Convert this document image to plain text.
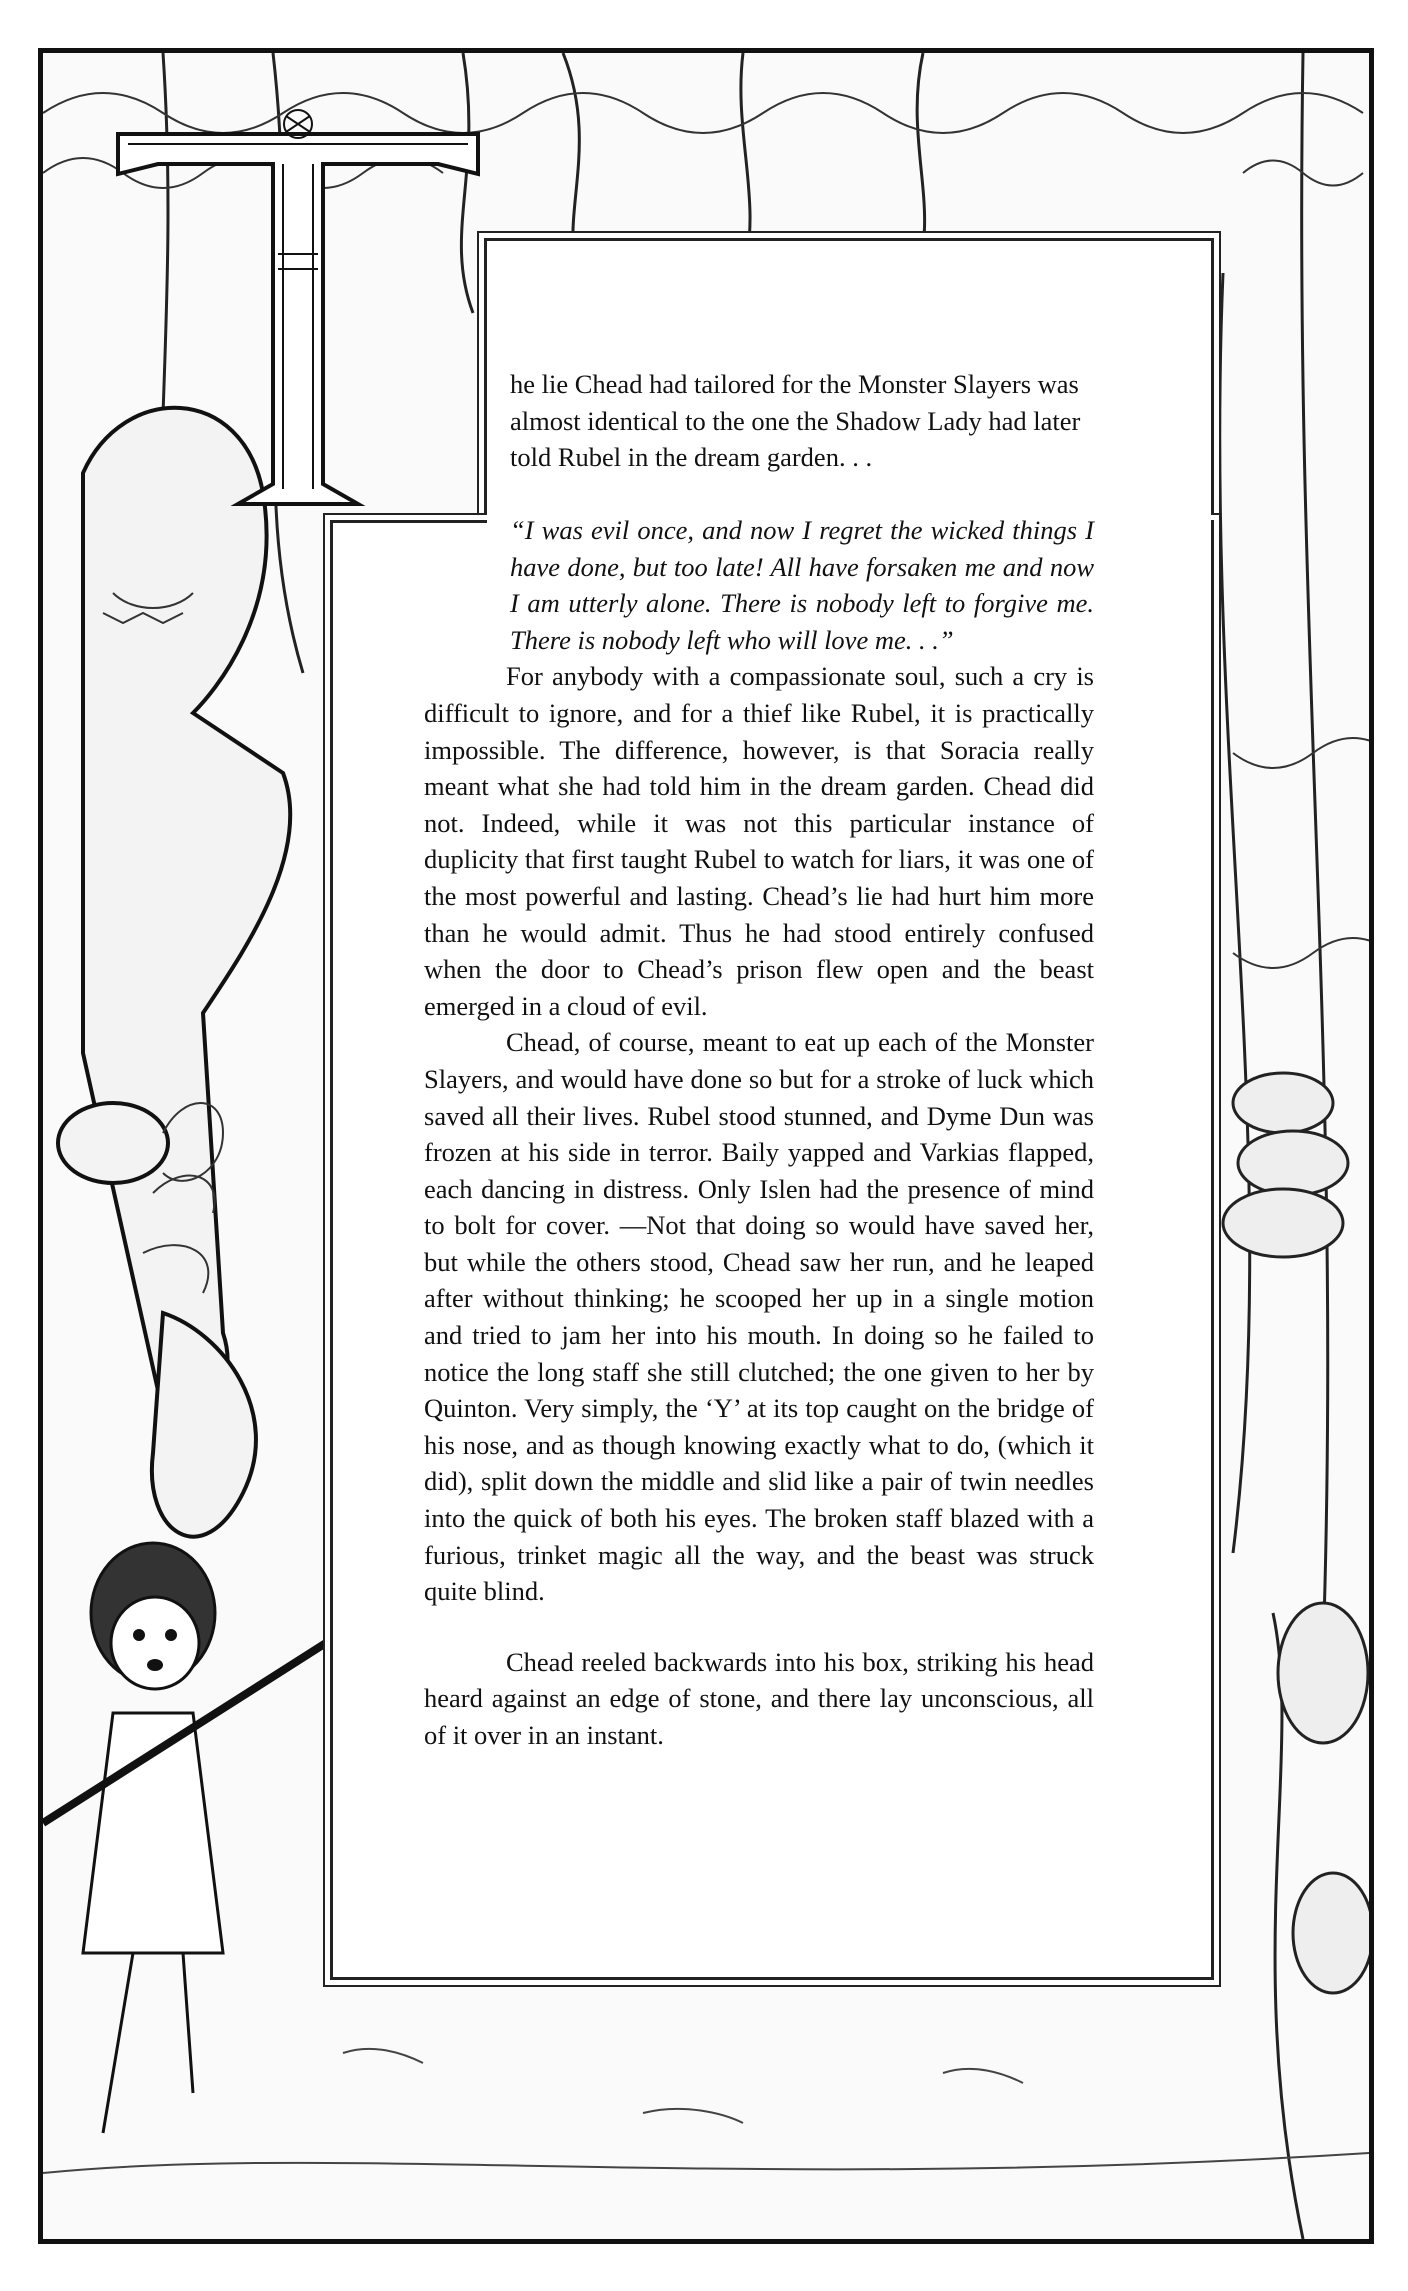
T

he lie Chead had tailored for the Monster Slayers was almost identical to the one the Shadow Lady had later told Rubel in the dream garden. . .

“I was evil once, and now I regret the wicked things I have done, but too late! All have forsaken me and now I am utterly alone. There is nobody left to forgive me. There is nobody left who will love me. . .”

For anybody with a compassionate soul, such a cry is difficult to ignore, and for a thief like Rubel, it is practically impossible. The difference, however, is that Soracia really meant what she had told him in the dream garden. Chead did not. Indeed, while it was not this particular instance of duplicity that first taught Rubel to watch for liars, it was one of the most powerful and lasting. Chead’s lie had hurt him more than he would admit. Thus he had stood entirely confused when the door to Chead’s prison flew open and the beast emerged in a cloud of evil.

Chead, of course, meant to eat up each of the Monster Slayers, and would have done so but for a stroke of luck which saved all their lives. Rubel stood stunned, and Dyme Dun was frozen at his side in terror. Baily yapped and Varkias flapped, each dancing in distress. Only Islen had the presence of mind to bolt for cover. —Not that doing so would have saved her, but while the others stood, Chead saw her run, and he leaped after without thinking; he scooped her up in a single motion and tried to jam her into his mouth. In doing so he failed to notice the long staff she still clutched; the one given to her by Quinton. Very simply, the ‘Y’ at its top caught on the bridge of his nose, and as though knowing exactly what to do, (which it did), split down the middle and slid like a pair of twin needles into the quick of both his eyes. The broken staff blazed with a furious, trinket magic all the way, and the beast was struck quite blind.

Chead reeled backwards into his box, striking his head heard against an edge of stone, and there lay unconscious, all of it over in an instant.
